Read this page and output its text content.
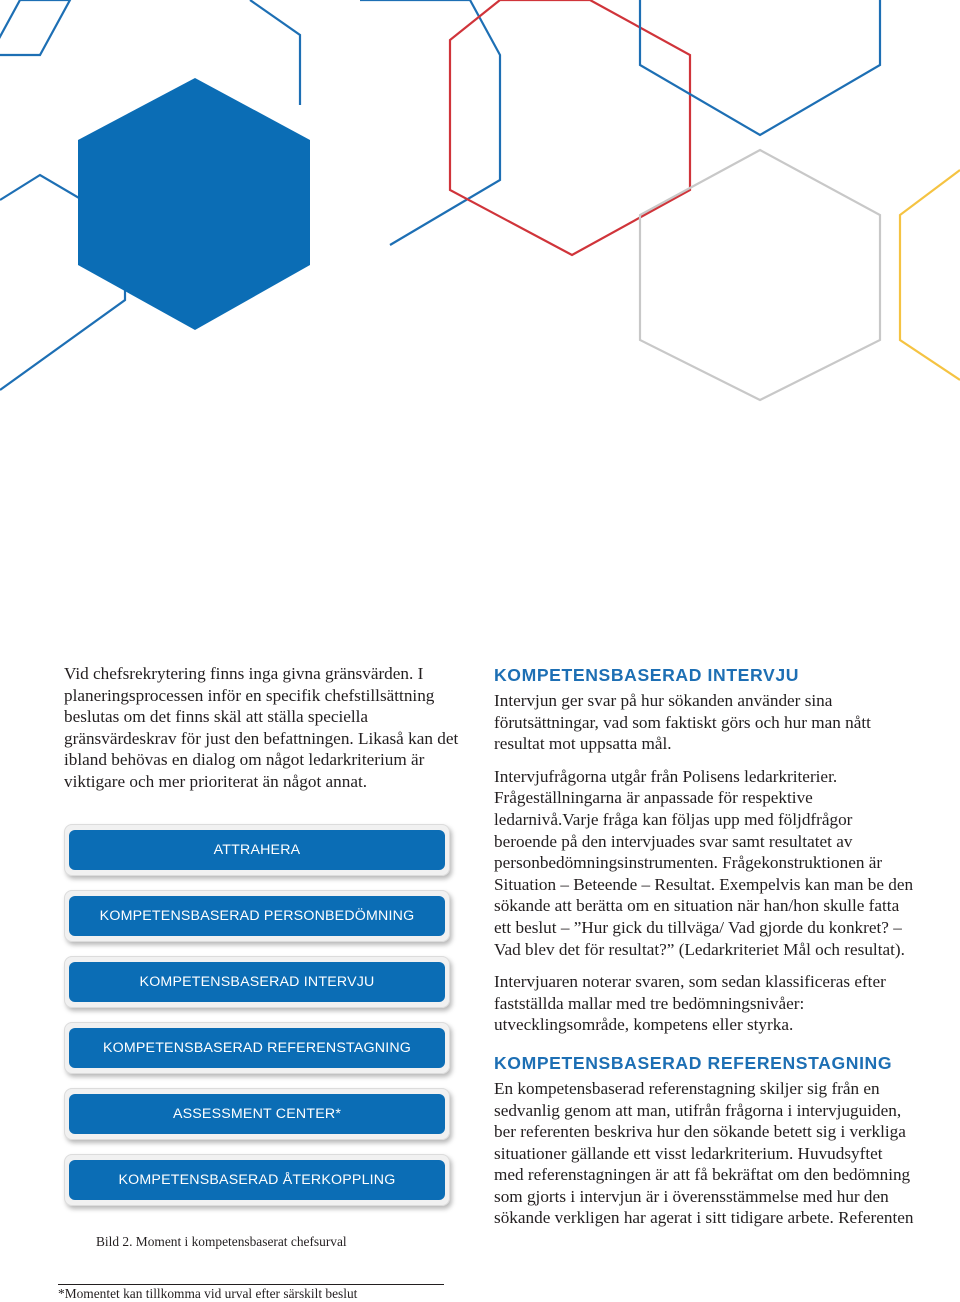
Vid chefsrekrytering finns inga givna gränsvärden. I planeringsprocessen inför en specifik chefstillsättning beslutas om det finns skäl att ställa speciella gränsvärdeskrav för just den befattningen. Likaså kan det ibland behövas en dialog om något ledarkriterium är viktigare och mer prioriterat än något annat.

ATTRAHERA
KOMPETENSBASERAD PERSONBEDÖMNING
KOMPETENSBASERAD INTERVJU
KOMPETENSBASERAD REFERENSTAGNING
ASSESSMENT CENTER*
KOMPETENSBASERAD ÅTERKOPPLING

Bild 2. Moment i kompetensbaserat chefsurval

*Momentet kan tillkomma vid urval efter särskilt beslut

KOMPETENSBASERAD INTERVJU

Intervjun ger svar på hur sökanden använder sina förutsättningar, vad som faktiskt görs och hur man nått resultat mot uppsatta mål.

Intervjufrågorna utgår från Polisens ledarkriterier. Frågeställningarna är anpassade för respektive ledarnivå.Varje fråga kan följas upp med följdfrågor beroende på den intervjuades svar samt resultatet av personbedömningsinstrumenten. Frågekonstruktionen är Situation – Beteende – Resultat. Exempelvis kan man be den sökande att berätta om en situation när han/hon skulle fatta ett beslut – ”Hur gick du tillväga/ Vad gjorde du konkret? – Vad blev det för resultat?” (Ledarkriteriet Mål och resultat).

Intervjuaren noterar svaren, som sedan klassificeras efter fastställda mallar med tre bedömningsnivåer: utvecklingsområde, kompetens eller styrka.

KOMPETENSBASERAD REFERENSTAGNING

En kompetensbaserad referenstagning skiljer sig från en sedvanlig genom att man, utifrån frågorna i intervjuguiden, ber referenten beskriva hur den sökande betett sig i verkliga situationer gällande ett visst ledarkriterium. Huvudsyftet med referenstagningen är att få bekräftat om den bedömning som gjorts i intervjun är i överensstämmelse med hur den sökande verkligen har agerat i sitt tidigare arbete. Referenten
